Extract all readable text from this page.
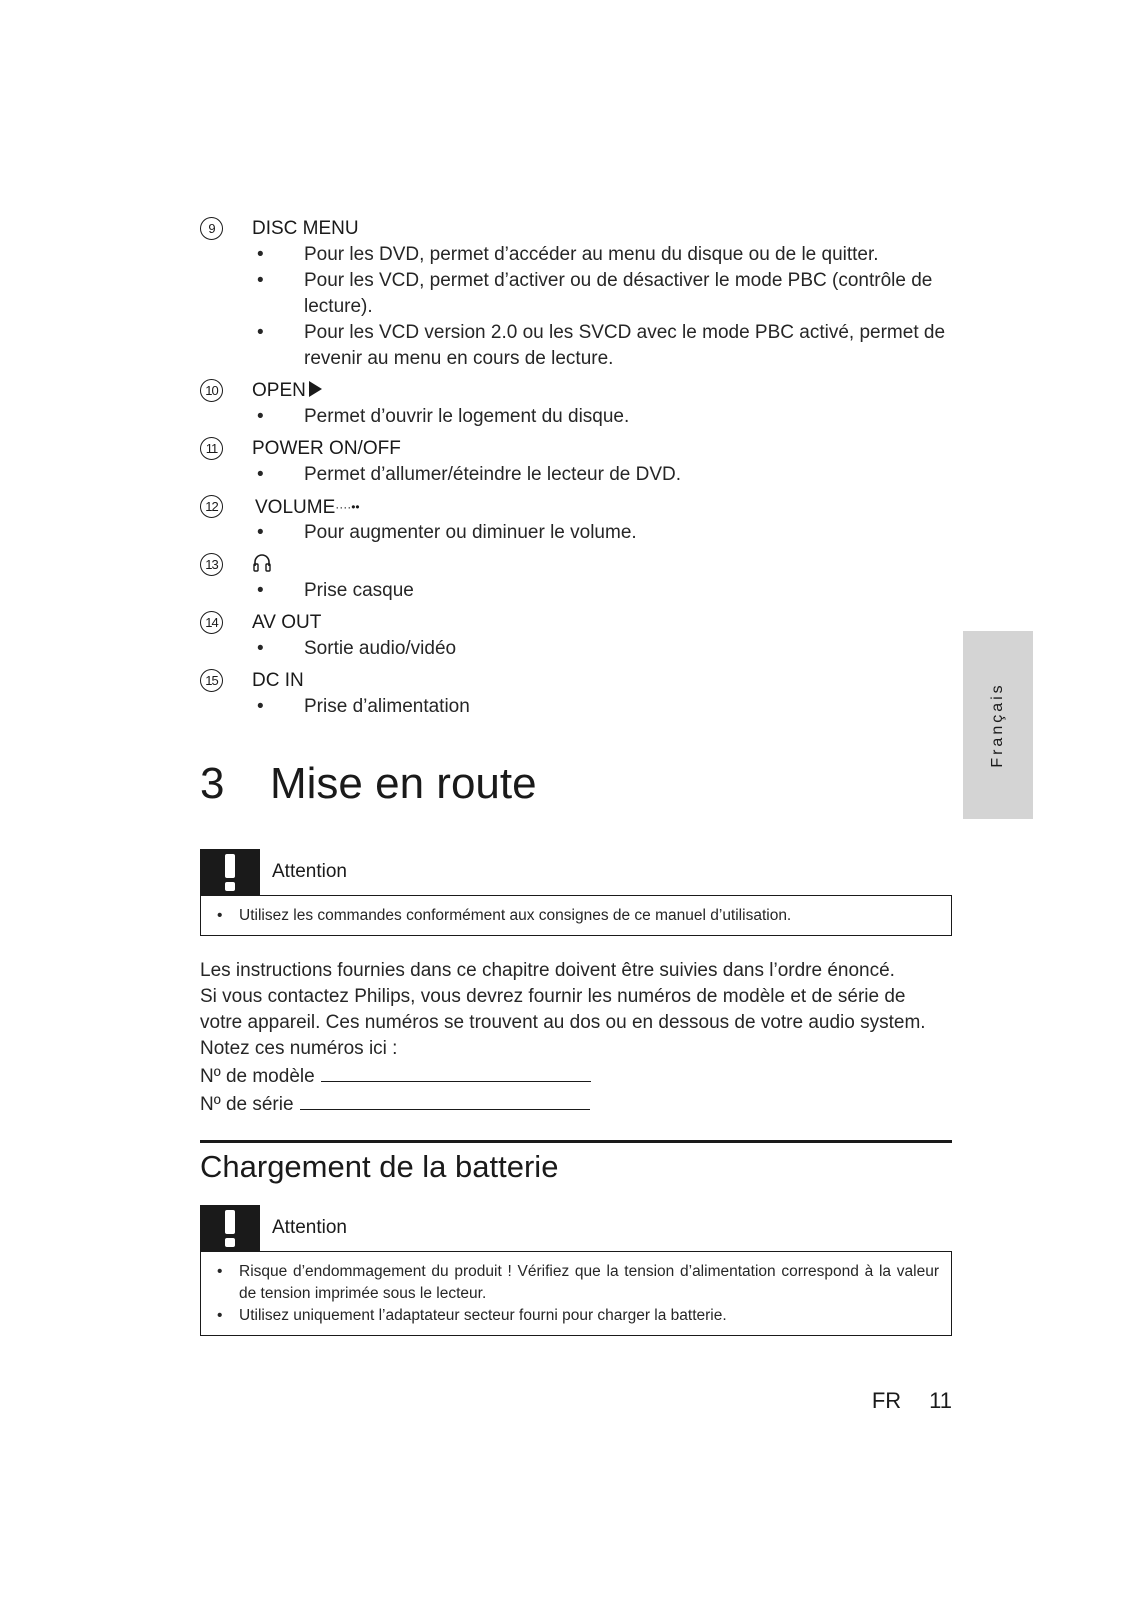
9	DISC MENU
• Pour les DVD, permet d’accéder au menu du disque ou de le quitter.
• Pour les VCD, permet d’activer ou de désactiver le mode PBC (contrôle de lecture).
• Pour les VCD version 2.0 ou les SVCD avec le mode PBC activé, permet de revenir au menu en cours de lecture.
10 OPEN
• Permet d’ouvrir le logement du disque.
11	POWER ON/OFF
• Permet d’allumer/éteindre le lecteur de DVD.
12 VOLUME····••
• Pour augmenter ou diminuer le volume.
13
• Prise casque
14 AV OUT
• Sortie audio/vidéo
15 DC IN
• Prise d’alimentation	Français
3 Mise en route
Attention
• Utilisez les commandes conformément aux consignes de ce manuel d’utilisation.

Les instructions fournies dans ce chapitre doivent être suivies dans l’ordre énoncé.

Si vous contactez Philips, vous devrez fournir les numéros de modèle et de série de

votre appareil. Ces numéros se trouvent au dos ou en dessous de votre audio system.

Notez ces numéros ici :

Nº de modèle

Nº de série

Chargement de la batterie
Attention
• Risque d’endommagement du produit ! Vérifiez que la tension d’alimentation correspond à la valeur de tension imprimée sous le lecteur.
• Utilisez uniquement l’adaptateur secteur fourni pour charger la batterie.
FR 11
